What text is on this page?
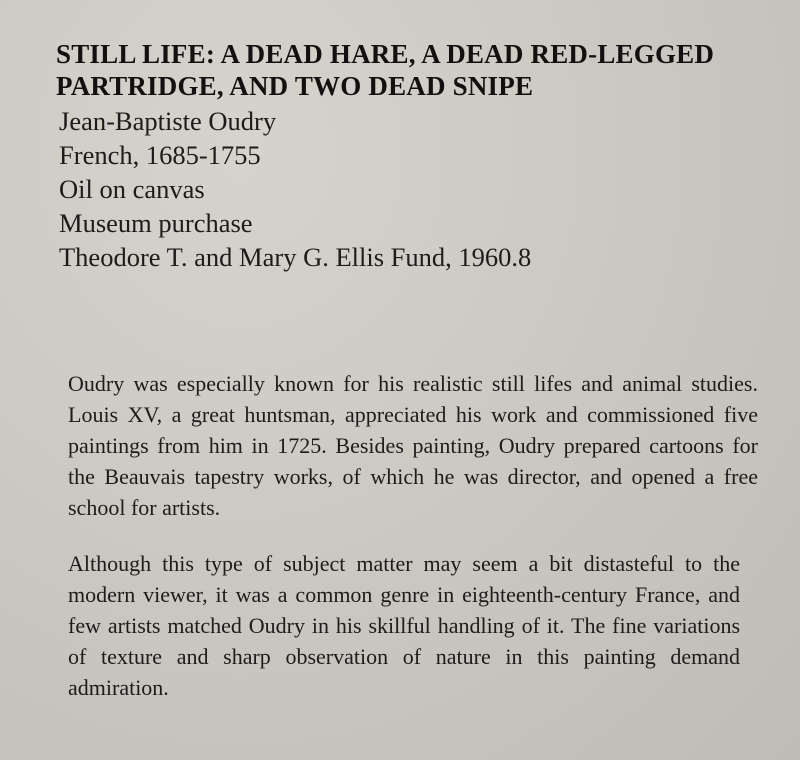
STILL LIFE: A DEAD HARE, A DEAD RED-LEGGED

PARTRIDGE, AND TWO DEAD SNIPE

Jean-Baptiste Oudry

French, 1685-1755

Oil on canvas

Museum purchase

Theodore T. and Mary G. Ellis Fund, 1960.8

Oudry was especially known for his realistic still lifes and animal studies. Louis XV, a great huntsman, appreciated his work and commissioned five paintings from him in 1725. Besides painting, Oudry prepared cartoons for the Beauvais tapestry works, of which he was director, and opened a free school for artists.

Although this type of subject matter may seem a bit distasteful to the modern viewer, it was a common genre in eighteenth-century France, and few artists matched Oudry in his skillful handling of it. The fine variations of texture and sharp observation of nature in this painting demand admiration.
